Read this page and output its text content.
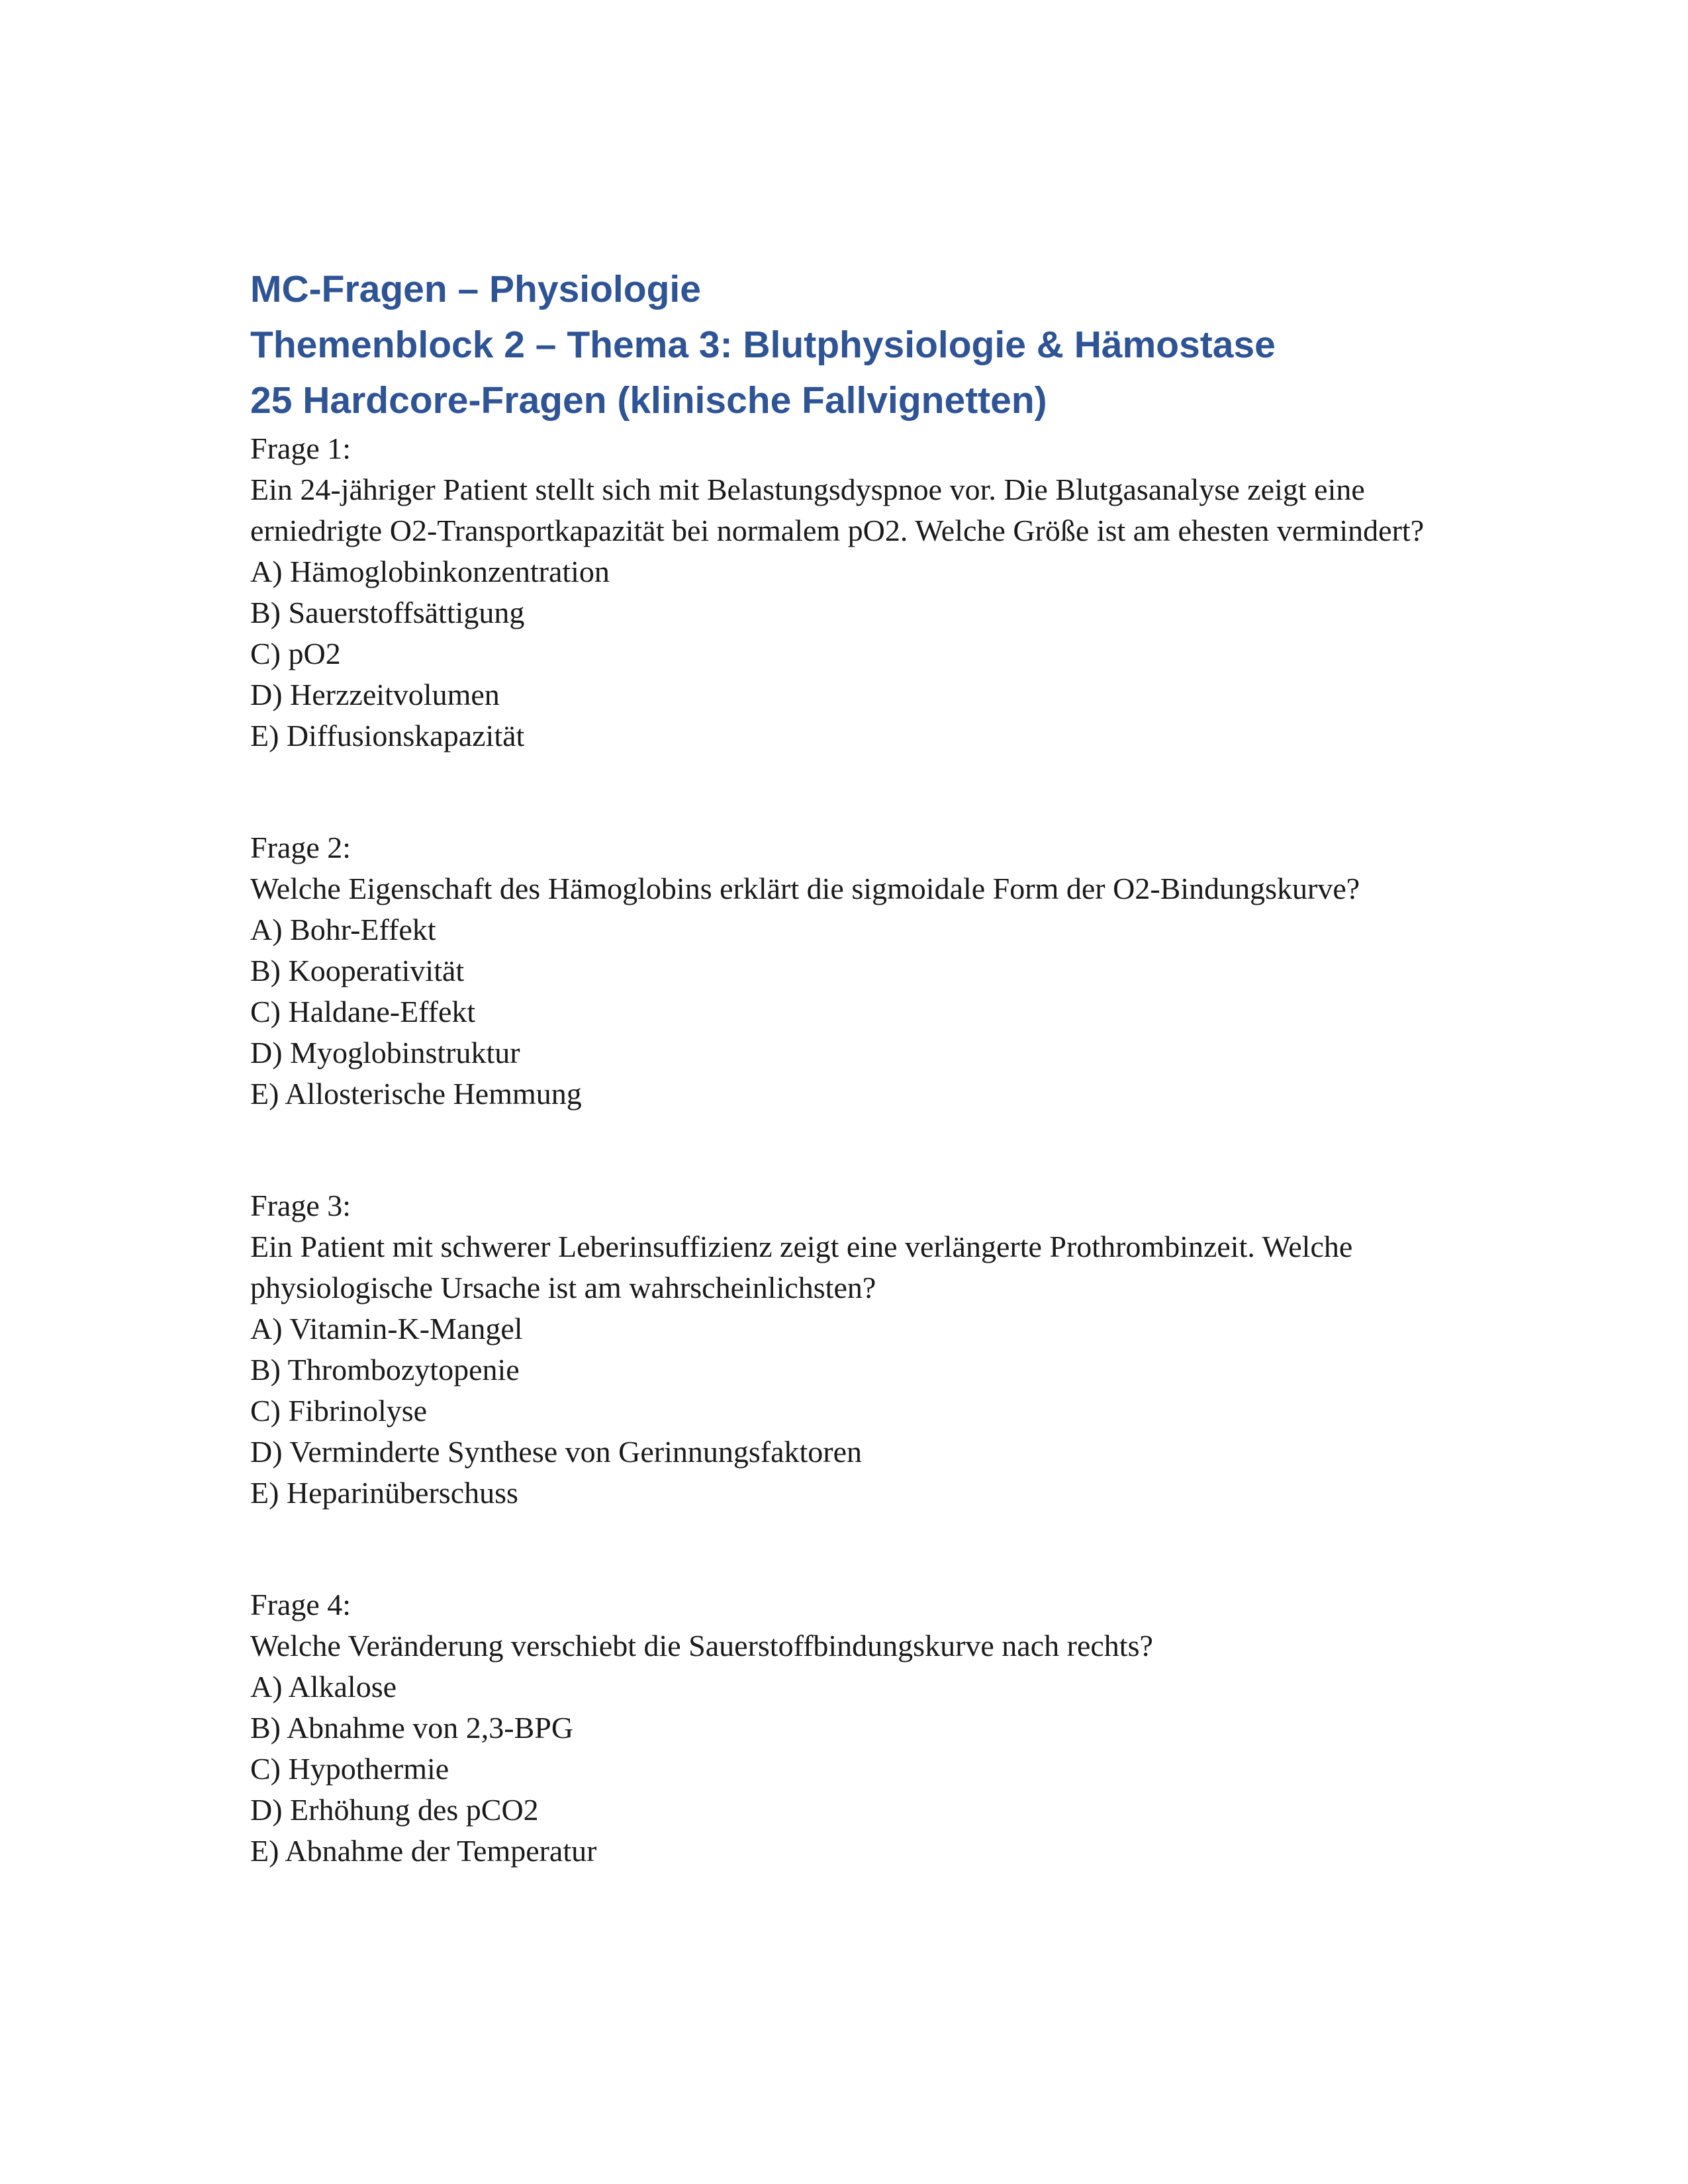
MC-Fragen – Physiologie
Themenblock 2 – Thema 3: Blutphysiologie & Hämostase
25 Hardcore-Fragen (klinische Fallvignetten)
Frage 1:
Ein 24-jähriger Patient stellt sich mit Belastungsdyspnoe vor. Die Blutgasanalyse zeigt eine erniedrigte O2-Transportkapazität bei normalem pO2. Welche Größe ist am ehesten vermindert?
A) Hämoglobinkonzentration
B) Sauerstoffsättigung
C) pO2
D) Herzzeitvolumen
E) Diffusionskapazität
Frage 2:
Welche Eigenschaft des Hämoglobins erklärt die sigmoidale Form der O2-Bindungskurve?
A) Bohr-Effekt
B) Kooperativität
C) Haldane-Effekt
D) Myoglobinstruktur
E) Allosterische Hemmung
Frage 3:
Ein Patient mit schwerer Leberinsuffizienz zeigt eine verlängerte Prothrombinzeit. Welche physiologische Ursache ist am wahrscheinlichsten?
A) Vitamin-K-Mangel
B) Thrombozytopenie
C) Fibrinolyse
D) Verminderte Synthese von Gerinnungsfaktoren
E) Heparinüberschuss
Frage 4:
Welche Veränderung verschiebt die Sauerstoffbindungskurve nach rechts?
A) Alkalose
B) Abnahme von 2,3-BPG
C) Hypothermie
D) Erhöhung des pCO2
E) Abnahme der Temperatur
